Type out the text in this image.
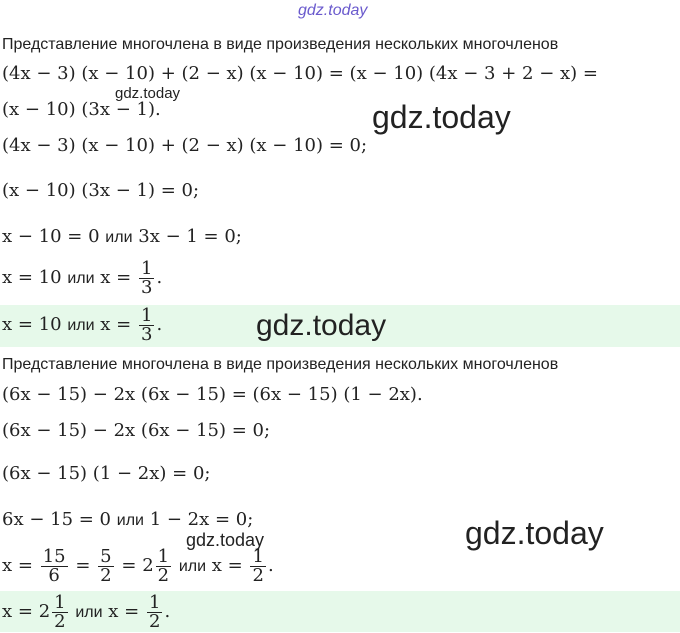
gdz.today
gdz.today
gdz.today
gdz.today
gdz.today
gdz.today
Представление многочлена в виде произведения нескольких многочленов
(4x − 3) (x − 10) + (2 − x) (x − 10) = (x − 10) (4x − 3 + 2 − x) =
(x − 10) (3x − 1).
(4x − 3) (x − 10) + (2 − x) (x − 10) = 0;
(x − 10) (3x − 1) = 0;
x − 10 = 0 или 3x − 1 = 0;
x = 10 или $x = \frac{1}{3}$ .
x = 10 или $x = \frac{1}{3}$ .
Представление многочлена в виде произведения нескольких многочленов
(6x − 15) − 2x (6x − 15) = (6x − 15) (1 − 2x).
(6x − 15) − 2x (6x − 15) = 0;
(6x − 15) (1 − 2x) = 0;
6x − 15 = 0 или 1 − 2x = 0;
$x = \frac{15}{6} = \frac{5}{2} = 2 \frac{1}{2}$ или $x = \frac{1}{2}$ .
$x = 2 \frac{1}{2}$ или $x = \frac{1}{2}$ .
